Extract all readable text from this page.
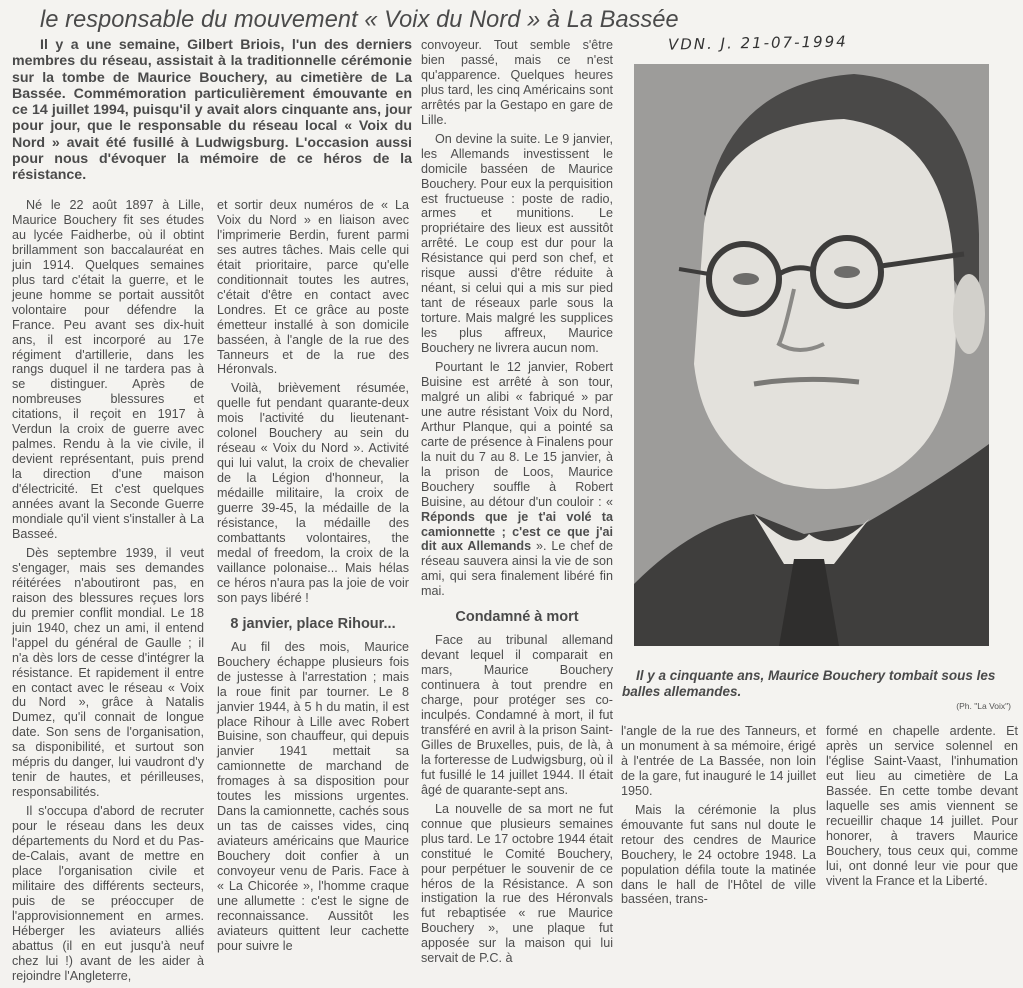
le responsable du mouvement « Voix du Nord » à La Bassée
VDN. J. 21-07-1994
Il y a une semaine, Gilbert Briois, l'un des derniers membres du réseau, assistait à la traditionnelle cérémonie sur la tombe de Maurice Bouchery, au cimetière de La Bassée. Commémoration particulièrement émouvante en ce 14 juillet 1994, puisqu'il y avait alors cinquante ans, jour pour jour, que le responsable du réseau local « Voix du Nord » avait été fusillé à Ludwigsburg. L'occasion aussi pour nous d'évoquer la mémoire de ce héros de la résistance.

Né le 22 août 1897 à Lille, Maurice Bouchery fit ses études au lycée Faidherbe, où il obtint brillamment son baccalauréat en juin 1914. Quelques semaines plus tard c'était la guerre, et le jeune homme se portait aussitôt volontaire pour défendre la France. Peu avant ses dix-huit ans, il est incorporé au 17e régiment d'artillerie, dans les rangs duquel il ne tardera pas à se distinguer. Après de nombreuses blessures et citations, il reçoit en 1917 à Verdun la croix de guerre avec palmes. Rendu à la vie civile, il devient représentant, puis prend la direction d'une maison d'électricité. Et c'est quelques années avant la Seconde Guerre mondiale qu'il vient s'installer à La Basseé.

Dès septembre 1939, il veut s'engager, mais ses demandes réitérées n'aboutiront pas, en raison des blessures reçues lors du premier conflit mondial. Le 18 juin 1940, chez un ami, il entend l'appel du général de Gaulle ; il n'a dès lors de cesse d'intégrer la résistance. Et rapidement il entre en contact avec le réseau « Voix du Nord », grâce à Natalis Dumez, qu'il connait de longue date. Son sens de l'organisation, sa disponibilité, et surtout son mépris du danger, lui vaudront d'y tenir de hautes, et périlleuses, responsabilités.

Il s'occupa d'abord de recruter pour le réseau dans les deux départements du Nord et du Pas-de-Calais, avant de mettre en place l'organisation civile et militaire des différents secteurs, puis de se préoccuper de l'approvisionnement en armes. Héberger les aviateurs alliés abattus (il en eut jusqu'à neuf chez lui !) avant de les aider à rejoindre l'Angleterre,

et sortir deux numéros de « La Voix du Nord » en liaison avec l'imprimerie Berdin, furent parmi ses autres tâches. Mais celle qui était prioritaire, parce qu'elle conditionnait toutes les autres, c'était d'être en contact avec Londres. Et ce grâce au poste émetteur installé à son domicile basséen, à l'angle de la rue des Tanneurs et de la rue des Héronvals.

Voilà, brièvement résumée, quelle fut pendant quarante-deux mois l'activité du lieutenant-colonel Bouchery au sein du réseau « Voix du Nord ». Activité qui lui valut, la croix de chevalier de la Légion d'honneur, la médaille militaire, la croix de guerre 39-45, la médaille de la résistance, la médaille des combattants volontaires, the medal of freedom, la croix de la vaillance polonaise... Mais hélas ce héros n'aura pas la joie de voir son pays libéré !

8 janvier, place Rihour...

Au fil des mois, Maurice Bouchery échappe plusieurs fois de justesse à l'arrestation ; mais la roue finit par tourner. Le 8 janvier 1944, à 5 h du matin, il est place Rihour à Lille avec Robert Buisine, son chauffeur, qui depuis janvier 1941 mettait sa camionnette de marchand de fromages à sa disposition pour toutes les missions urgentes. Dans la camionnette, cachés sous un tas de caisses vides, cinq aviateurs américains que Maurice Bouchery doit confier à un convoyeur venu de Paris. Face à « La Chicorée », l'homme craque une allumette : c'est le signe de reconnaissance. Aussitôt les aviateurs quittent leur cachette pour suivre le

convoyeur. Tout semble s'être bien passé, mais ce n'est qu'apparence. Quelques heures plus tard, les cinq Américains sont arrêtés par la Gestapo en gare de Lille.

On devine la suite. Le 9 janvier, les Allemands investissent le domicile basséen de Maurice Bouchery. Pour eux la perquisition est fructueuse : poste de radio, armes et munitions. Le propriétaire des lieux est aussitôt arrêté. Le coup est dur pour la Résistance qui perd son chef, et risque aussi d'être réduite à néant, si celui qui a mis sur pied tant de réseaux parle sous la torture. Mais malgré les supplices les plus affreux, Maurice Bouchery ne livrera aucun nom.

Pourtant le 12 janvier, Robert Buisine est arrêté à son tour, malgré un alibi « fabriqué » par une autre résistant Voix du Nord, Arthur Planque, qui a pointé sa carte de présence à Finalens pour la nuit du 7 au 8. Le 15 janvier, à la prison de Loos, Maurice Bouchery souffle à Robert Buisine, au détour d'un couloir : « Réponds que je t'ai volé ta camionnette ; c'est ce que j'ai dit aux Allemands ». Le chef de réseau sauvera ainsi la vie de son ami, qui sera finalement libéré fin mai.

Condamné à mort

Face au tribunal allemand devant lequel il comparait en mars, Maurice Bouchery continuera à tout prendre en charge, pour protéger ses co-inculpés. Condamné à mort, il fut transféré en avril à la prison Saint-Gilles de Bruxelles, puis, de là, à la forteresse de Ludwigsburg, où il fut fusillé le 14 juillet 1944. Il était âgé de quarante-sept ans.

La nouvelle de sa mort ne fut connue que plusieurs semaines plus tard. Le 17 octobre 1944 était constitué le Comité Bouchery, pour perpétuer le souvenir de ce héros de la Résistance. A son instigation la rue des Héronvals fut rebaptisée « rue Maurice Bouchery », une plaque fut apposée sur la maison qui lui servait de P.C. à

Il y a cinquante ans, Maurice Bouchery tombait sous les balles allemandes.
(Ph. "La Voix")

l'angle de la rue des Tanneurs, et un monument à sa mémoire, érigé à l'entrée de La Bassée, non loin de la gare, fut inauguré le 14 juillet 1950.

Mais la cérémonie la plus émouvante fut sans nul doute le retour des cendres de Maurice Bouchery, le 24 octobre 1948. La population défila toute la matinée dans le hall de l'Hôtel de ville basséen, trans-

formé en chapelle ardente. Et après un service solennel en l'église Saint-Vaast, l'inhumation eut lieu au cimetière de La Bassée. En cette tombe devant laquelle ses amis viennent se recueillir chaque 14 juillet. Pour honorer, à travers Maurice Bouchery, tous ceux qui, comme lui, ont donné leur vie pour que vivent la France et la Liberté.
